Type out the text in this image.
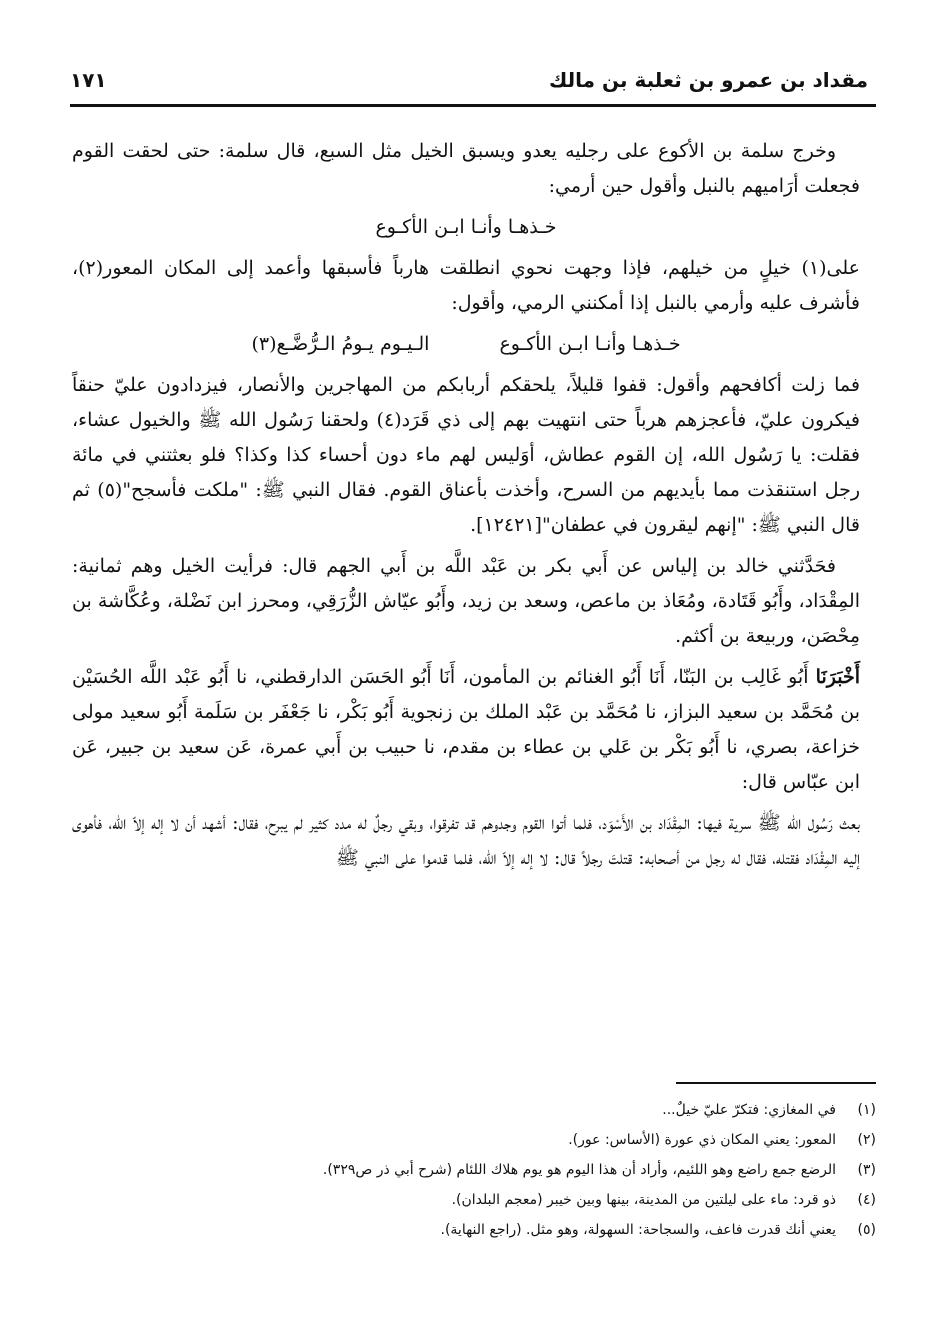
مقداد بن عمرو بن ثعلبة بن مالك
١٧١

وخرج سلمة بن الأكوع على رجليه يعدو ويسبق الخيل مثل السبع، قال سلمة: حتى لحقت القوم فجعلت أرَاميهم بالنبل وأقول حين أرمي:

خـذهـا وأنـا ابـن الأكـوع

على(١) خيلٍ من خيلهم، فإذا وجهت نحوي انطلقت هارباً فأسبقها وأعمد إلى المكان المعور(٢)، فأشرف عليه وأرمي بالنبل إذا أمكنني الرمي، وأقول:

خـذهـا وأنـا ابـن الأكـوع
الـيـوم يـومُ الـرُّضَّـع(٣)

فما زلت أكافحهم وأقول: قفوا قليلاً، يلحقكم أربابكم من المهاجرين والأنصار، فيزدادون عليّ حنقاً فيكرون عليّ، فأعجزهم هرباً حتى انتهيت بهم إلى ذي قَرَد(٤) ولحقنا رَسُول الله ﷺ والخيول عشاء، فقلت: يا رَسُول الله، إن القوم عطاش، أوَليس لهم ماء دون أحساء كذا وكذا؟ فلو بعثتني في مائة رجل استنقذت مما بأيديهم من السرح، وأخذت بأعناق القوم. فقال النبي ﷺ: "ملكت فأسجح"(٥) ثم قال النبي ﷺ: "إنهم ليقرون في عطفان"[١٢٤٢١].

فحَدَّثني خالد بن إلياس عن أَبي بكر بن عَبْد اللَّه بن أَبي الجهم قال: فرأيت الخيل وهم ثمانية: المِقْدَاد، وأَبُو قَتَادة، ومُعَاذ بن ماعص، وسعد بن زيد، وأَبُو عيّاش الزُّرَقِي، ومحرز ابن نَضْلة، وعُكَّاشة بن مِحْصَن، وربيعة بن أكثم.

أَخْبَرَنَا أَبُو غَالِب بن البَنّا، أَنَا أَبُو الغنائم بن المأمون، أَنَا أَبُو الحَسَن الدارقطني، نا أَبُو عَبْد اللَّه الحُسَيْن بن مُحَمَّد بن سعيد البزاز، نا مُحَمَّد بن عَبْد الملك بن زنجوية أَبُو بَكْر، نا جَعْفَر بن سَلَمة أَبُو سعيد مولى خزاعة، بصري، نا أَبُو بَكْر بن عَلي بن عطاء بن مقدم، نا حبيب بن أَبي عمرة، عَن سعيد بن جبير، عَن ابن عبّاس قال:

بعث رَسُول الله ﷺ سرية فيها: المِقْدَاد بن الأَسْوَد، فلما أتوا القوم وجدوهم قد تفرقوا، وبقي رجلٌ له مدد كثير لم يبرح، فقال: أشهد أن لا إله إلاّ الله، فأهوى إليه المِقْدَاد فقتله، فقال له رجل من أصحابه: قتلتَ رجلاً قال: لا إله إلاّ الله، فلما قدموا على النبي ﷺ

(١)
في المغازي: فتكرّ عليّ خيلٌ...
(٢)
المعور: يعني المكان ذي عورة (الأساس: عور).
(٣)
الرضع جمع راضع وهو اللئيم، وأراد أن هذا اليوم هو يوم هلاك اللئام (شرح أبي ذر ص٣٢٩).
(٤)
ذو قرد: ماء على ليلتين من المدينة، بينها وبين خيبر (معجم البلدان).
(٥)
يعني أنك قدرت فاعف، والسجاحة: السهولة، وهو مثل. (راجع النهاية).
